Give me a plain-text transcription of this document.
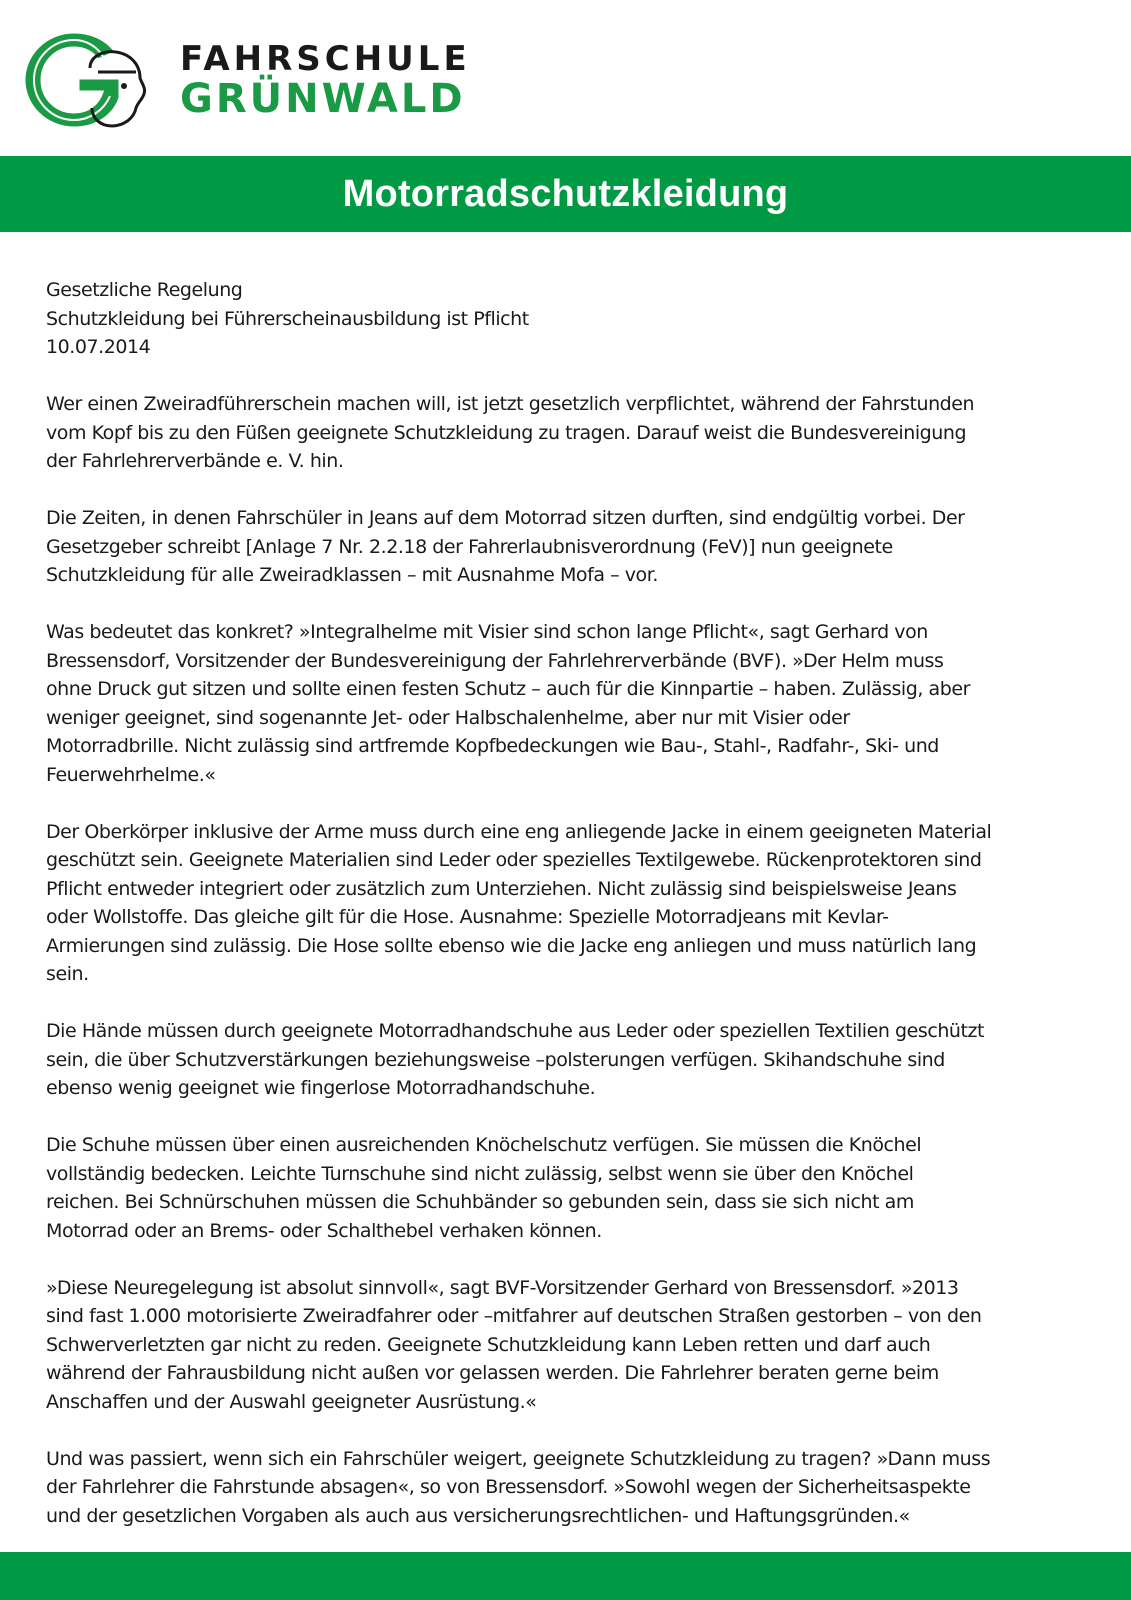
FAHRSCHULE
GRÜNWALD
Motorradschutzkleidung
Gesetzliche Regelung
Schutzkleidung bei Führerscheinausbildung ist Pflicht
10.07.2014
Wer einen Zweiradführerschein machen will, ist jetzt gesetzlich verpflichtet, während der Fahrstunden
vom Kopf bis zu den Füßen geeignete Schutzkleidung zu tragen. Darauf weist die Bundesvereinigung
der Fahrlehrerverbände e. V. hin.
Die Zeiten, in denen Fahrschüler in Jeans auf dem Motorrad sitzen durften, sind endgültig vorbei. Der
Gesetzgeber schreibt [Anlage 7 Nr. 2.2.18 der Fahrerlaubnisverordnung (FeV)] nun geeignete
Schutzkleidung für alle Zweiradklassen – mit Ausnahme Mofa – vor.
Was bedeutet das konkret? »Integralhelme mit Visier sind schon lange Pflicht«, sagt Gerhard von
Bressensdorf, Vorsitzender der Bundesvereinigung der Fahrlehrerverbände (BVF). »Der Helm muss
ohne Druck gut sitzen und sollte einen festen Schutz – auch für die Kinnpartie – haben. Zulässig, aber
weniger geeignet, sind sogenannte Jet- oder Halbschalenhelme, aber nur mit Visier oder
Motorradbrille. Nicht zulässig sind artfremde Kopfbedeckungen wie Bau-, Stahl-, Radfahr-, Ski- und
Feuerwehrhelme.«
Der Oberkörper inklusive der Arme muss durch eine eng anliegende Jacke in einem geeigneten Material
geschützt sein. Geeignete Materialien sind Leder oder spezielles Textilgewebe. Rückenprotektoren sind
Pflicht entweder integriert oder zusätzlich zum Unterziehen. Nicht zulässig sind beispielsweise Jeans
oder Wollstoffe. Das gleiche gilt für die Hose. Ausnahme: Spezielle Motorradjeans mit Kevlar-
Armierungen sind zulässig. Die Hose sollte ebenso wie die Jacke eng anliegen und muss natürlich lang
sein.
Die Hände müssen durch geeignete Motorradhandschuhe aus Leder oder speziellen Textilien geschützt
sein, die über Schutzverstärkungen beziehungsweise –polsterungen verfügen. Skihandschuhe sind
ebenso wenig geeignet wie fingerlose Motorradhandschuhe.
Die Schuhe müssen über einen ausreichenden Knöchelschutz verfügen. Sie müssen die Knöchel
vollständig bedecken. Leichte Turnschuhe sind nicht zulässig, selbst wenn sie über den Knöchel
reichen. Bei Schnürschuhen müssen die Schuhbänder so gebunden sein, dass sie sich nicht am
Motorrad oder an Brems- oder Schalthebel verhaken können.
»Diese Neuregelegung ist absolut sinnvoll«, sagt BVF-Vorsitzender Gerhard von Bressensdorf. »2013
sind fast 1.000 motorisierte Zweiradfahrer oder –mitfahrer auf deutschen Straßen gestorben – von den
Schwerverletzten gar nicht zu reden. Geeignete Schutzkleidung kann Leben retten und darf auch
während der Fahrausbildung nicht außen vor gelassen werden. Die Fahrlehrer beraten gerne beim
Anschaffen und der Auswahl geeigneter Ausrüstung.«
Und was passiert, wenn sich ein Fahrschüler weigert, geeignete Schutzkleidung zu tragen? »Dann muss
der Fahrlehrer die Fahrstunde absagen«, so von Bressensdorf. »Sowohl wegen der Sicherheitsaspekte
und der gesetzlichen Vorgaben als auch aus versicherungsrechtlichen- und Haftungsgründen.«
